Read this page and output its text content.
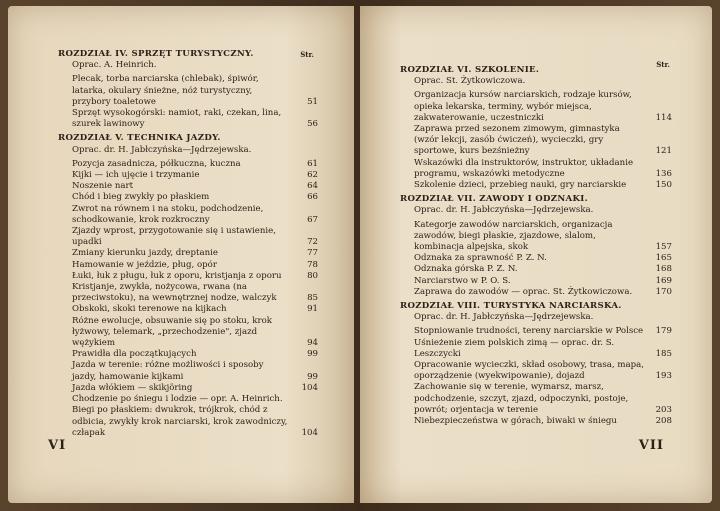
Str.
ROZDZIAŁ IV. SPRZĘT TURYSTYCZNY.
Oprac. A. Heinrich.
Plecak, torba narciarska (chlebak), śpiwór, latarka, okulary śnieżne, nóż turystyczny, przybory toaletowe	51
Sprzęt wysokogórski: namiot, raki, czekan, lina, szurek lawinowy	56
ROZDZIAŁ V. TECHNIKA JAZDY.
Oprac. dr. H. Jabłczyńska—Jędrzejewska.
Pozycja zasadnicza, półkuczna, kuczna	61
Kijki — ich ujęcie i trzymanie	62
Noszenie nart	64
Chód i bieg zwykły po płaskiem	66
Zwrot na równem i na stoku, podchodzenie, schodkowanie, krok rozkroczny	67
Zjazdy wprost, przygotowanie się i ustawienie, upadki	72
Zmiany kierunku jazdy, dreptanie	77
Hamowanie w jeździe, pług, opór	78
Łuki, łuk z pługu, łuk z oporu, kristjanja z oporu	80
Kristjanje, zwykła, nożycowa, rwana (na przeciwstoku), na wewnętrznej nodze, walczyk	85
Obskoki, skoki terenowe na kijkach	91
Różne ewolucje, obsuwanie się po stoku, krok łyżwowy, telemark, „przechodzenie", zjazd wężykiem	94
Prawidła dla początkujących	99
Jazda w terenie: różne możliwości i sposoby jazdy, hamowanie kijkami	99
Jazda włókiem — skikjöring	104
Chodzenie po śniegu i lodzie — opr. A. Heinrich. Biegi po płaskiem: dwukrok, trójkrok, chód z odbicia, zwykły krok narciarski, krok zawodniczy, człapak	104
VI
Str.
ROZDZIAŁ VI. SZKOLENIE.
Oprac. St. Żytkowiczowa.
Organizacja kursów narciarskich, rodzaje kursów, opieka lekarska, terminy, wybór miejsca, zakwaterowanie, uczestniczki	114
Zaprawa przed sezonem zimowym, gimnastyka (wzór lekcji, zasób ćwiczeń), wycieczki, gry sportowe, kurs bezśnieżny	121
Wskazówki dla instruktorów, instruktor, układanie programu, wskazówki metodyczne	136
Szkolenie dzieci, przebieg nauki, gry narciarskie	150
ROZDZIAŁ VII. ZAWODY I ODZNAKI.
Oprac. dr. H. Jabłczyńska—Jędrzejewska.
Kategorje zawodów narciarskich, organizacja zawodów, biegi płaskie, zjazdowe, slalom, kombinacja alpejska, skok	157
Odznaka za sprawność P. Z. N.	165
Odznaka górska P. Z. N.	168
Narciarstwo w P. O. S.	169
Zaprawa do zawodów — oprac. St. Żytkowiczowa.	170
ROZDZIAŁ VIII. TURYSTYKA NARCIARSKA.
Oprac. dr. H. Jabłczyńska—Jędrzejewska.
Stopniowanie trudności, tereny narciarskie w Polsce 179
Uśnieżenie ziem polskich zimą — oprac. dr. S. Leszczycki	185
Opracowanie wycieczki, skład osobowy, trasa, mapa, oporządzenie (wyekwipowanie), dojazd	193
Zachowanie się w terenie, wymarsz, marsz, podchodzenie, szczyt, zjazd, odpoczynki, postoje, powrót; orjentacja w terenie	203
Niebezpieczeństwa w górach, biwaki w śniegu	208
VII
